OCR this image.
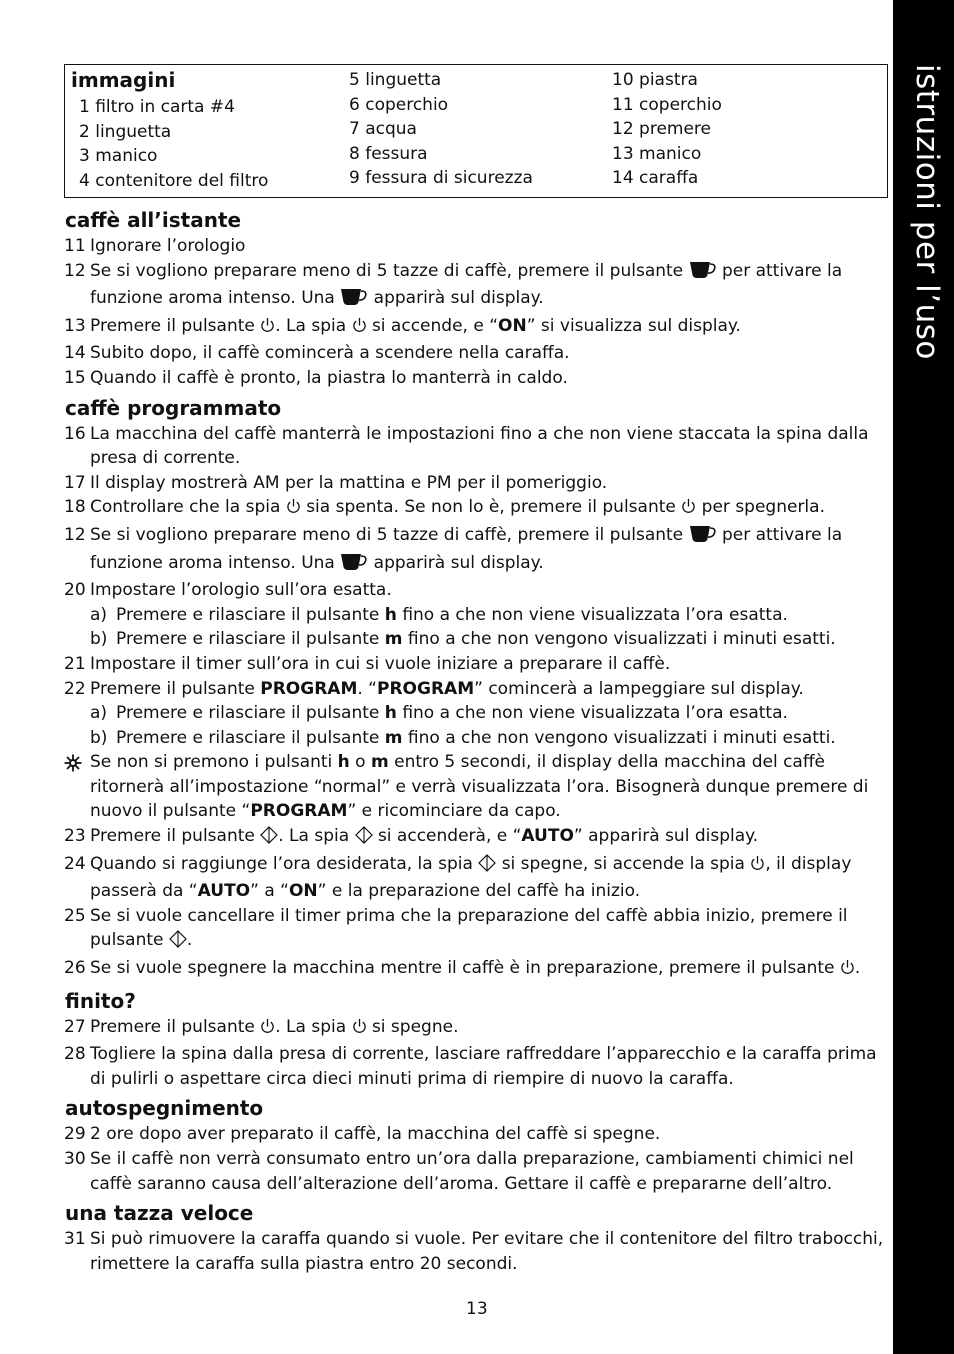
istruzioni per l’uso
immagini
1 filtro in carta #4
2 linguetta
3 manico
4 contenitore del filtro
5 linguetta
6 coperchio
7 acqua
8 fessura
9 fessura di sicurezza
10 piastra
11 coperchio
12 premere
13 manico
14 caraffa
caffè all’istante
11 Ignorare l’orologio
12 Se si vogliono preparare meno di 5 tazze di caffè, premere il pulsante per attivare la funzione aroma intenso. Una apparirà sul display.
13 Premere il pulsante . La spia si accende, e “ON” si visualizza sul display.
14 Subito dopo, il caffè comincerà a scendere nella caraffa.
15 Quando il caffè è pronto, la piastra lo manterrà in caldo.
caffè programmato
16 La macchina del caffè manterrà le impostazioni fino a che non viene staccata la spina dalla presa di corrente.
17 Il display mostrerà AM per la mattina e PM per il pomeriggio.
18 Controllare che la spia sia spenta. Se non lo è, premere il pulsante per spegnerla.
12 Se si vogliono preparare meno di 5 tazze di caffè, premere il pulsante per attivare la funzione aroma intenso. Una apparirà sul display.
20 Impostare l’orologio sull’ora esatta.
a) Premere e rilasciare il pulsante h fino a che non viene visualizzata l’ora esatta.
b) Premere e rilasciare il pulsante m fino a che non vengono visualizzati i minuti esatti.
21 Impostare il timer sull’ora in cui si vuole iniziare a preparare il caffè.
22 Premere il pulsante PROGRAM. “PROGRAM” comincerà a lampeggiare sul display.
a) Premere e rilasciare il pulsante h fino a che non viene visualizzata l’ora esatta.
b) Premere e rilasciare il pulsante m fino a che non vengono visualizzati i minuti esatti.
Se non si premono i pulsanti h o m entro 5 secondi, il display della macchina del caffè ritornerà all’impostazione “normal” e verrà visualizzata l’ora. Bisognerà dunque premere di nuovo il pulsante “PROGRAM” e ricominciare da capo.
23 Premere il pulsante . La spia si accenderà, e “AUTO” apparirà sul display.
24 Quando si raggiunge l’ora desiderata, la spia si spegne, si accende la spia , il display passerà da “AUTO” a “ON” e la preparazione del caffè ha inizio.
25 Se si vuole cancellare il timer prima che la preparazione del caffè abbia inizio, premere il pulsante .
26 Se si vuole spegnere la macchina mentre il caffè è in preparazione, premere il pulsante .
finito?
27 Premere il pulsante . La spia si spegne.
28 Togliere la spina dalla presa di corrente, lasciare raffreddare l’apparecchio e la caraffa prima di pulirli o aspettare circa dieci minuti prima di riempire di nuovo la caraffa.
autospegnimento
29 2 ore dopo aver preparato il caffè, la macchina del caffè si spegne.
30 Se il caffè non verrà consumato entro un’ora dalla preparazione, cambiamenti chimici nel caffè saranno causa dell’alterazione dell’aroma. Gettare il caffè e prepararne dell’altro.
una tazza veloce
31 Si può rimuovere la caraffa quando si vuole. Per evitare che il contenitore del filtro trabocchi, rimettere la caraffa sulla piastra entro 20 secondi.
13
